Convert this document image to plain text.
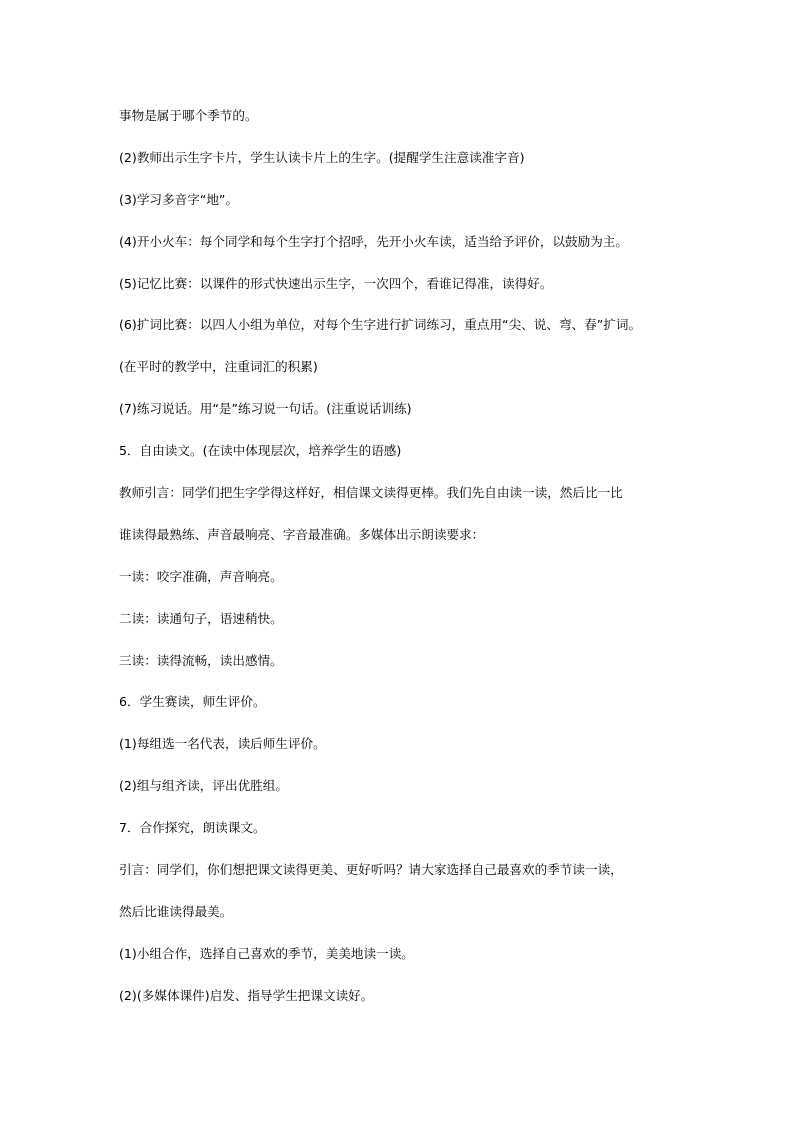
事物是属于哪个季节的。
(2)教师出示生字卡片，学生认读卡片上的生字。(提醒学生注意读准字音)
(3)学习多音字“地”。
(4)开小火车：每个同学和每个生字打个招呼，先开小火车读，适当给予评价，以鼓励为主。
(5)记忆比赛：以课件的形式快速出示生字，一次四个，看谁记得准，读得好。
(6)扩词比赛：以四人小组为单位，对每个生字进行扩词练习，重点用“尖、说、弯、春”扩词。
(在平时的教学中，注重词汇的积累)
(7)练习说话。用“是”练习说一句话。(注重说话训练)
5．自由读文。(在读中体现层次，培养学生的语感)
教师引言：同学们把生字学得这样好，相信课文读得更棒。我们先自由读一读，然后比一比
谁读得最熟练、声音最响亮、字音最准确。多媒体出示朗读要求：
一读：咬字准确，声音响亮。
二读：读通句子，语速稍快。
三读：读得流畅，读出感情。
6．学生赛读，师生评价。
(1)每组选一名代表，读后师生评价。
(2)组与组齐读，评出优胜组。
7．合作探究，朗读课文。
引言：同学们，你们想把课文读得更美、更好听吗？请大家选择自己最喜欢的季节读一读，
然后比谁读得最美。
(1)小组合作，选择自己喜欢的季节，美美地读一读。
(2)(多媒体课件)启发、指导学生把课文读好。
